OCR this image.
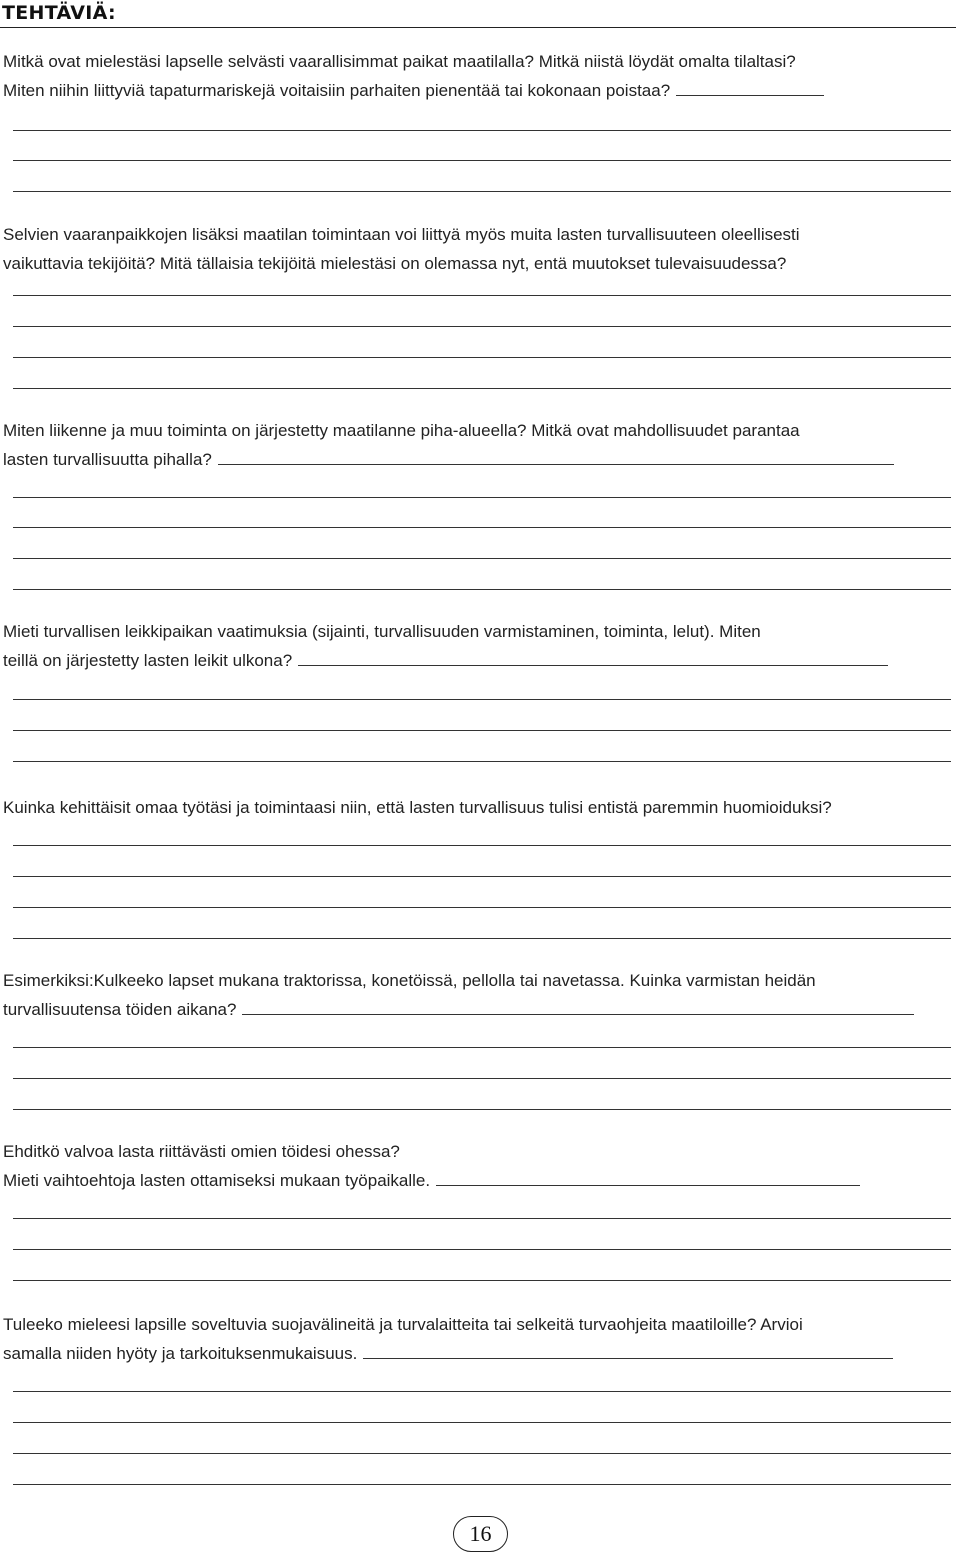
TEHTÄVIÄ:
Mitkä ovat mielestäsi lapselle selvästi vaarallisimmat paikat maatilalla? Mitkä niistä löydät omalta tilaltasi?
Miten niihin liittyviä tapaturmariskejä voitaisiin parhaiten pienentää tai kokonaan poistaa?
Selvien vaaranpaikkojen lisäksi maatilan toimintaan voi liittyä myös muita lasten turvallisuuteen oleellisesti
vaikuttavia tekijöitä? Mitä tällaisia tekijöitä mielestäsi on olemassa nyt, entä muutokset tulevaisuudessa?
Miten liikenne ja muu toiminta on järjestetty maatilanne piha-alueella? Mitkä ovat mahdollisuudet parantaa
lasten turvallisuutta pihalla?
Mieti turvallisen leikkipaikan vaatimuksia (sijainti, turvallisuuden varmistaminen, toiminta, lelut). Miten
teillä on järjestetty lasten leikit ulkona?
Kuinka kehittäisit omaa työtäsi ja toimintaasi niin, että lasten turvallisuus tulisi entistä paremmin huomioiduksi?
Esimerkiksi:Kulkeeko lapset mukana traktorissa, konetöissä, pellolla tai navetassa. Kuinka varmistan heidän
turvallisuutensa töiden aikana?
Ehditkö valvoa lasta riittävästi omien töidesi ohessa?
Mieti vaihtoehtoja lasten ottamiseksi mukaan työpaikalle.
Tuleeko mieleesi lapsille soveltuvia suojavälineitä ja turvalaitteita tai selkeitä turvaohjeita maatiloille? Arvioi
samalla niiden hyöty ja tarkoituksenmukaisuus.
16
